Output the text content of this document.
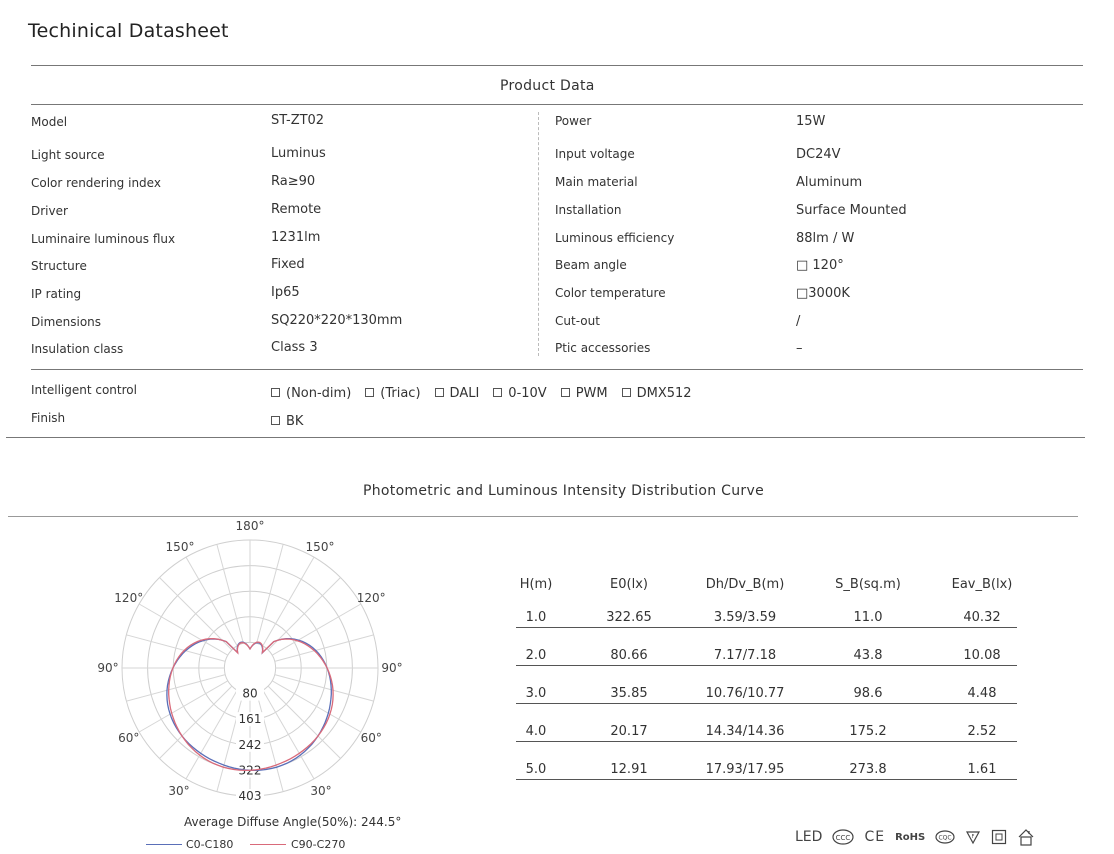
Techinical Datasheet
Product Data
Model	ST-ZT02
Light source	Luminus
Color rendering index	Ra≥90
Driver	Remote
Luminaire luminous flux	1231lm
Structure	Fixed
IP rating	Ip65
Dimensions	SQ220*220*130mm
Insulation class	Class 3
Power	15W
Input voltage	DC24V
Main material	Aluminum
Installation	Surface Mounted
Luminous efficiency	88lm / W
Beam angle	□ 120°
Color temperature	□3000K
Cut-out	/
Ptic accessories	–
Intelligent control	(Non-dim) (Triac) DALI 0-10V PWM DMX512
Finish	BK
Photometric and Luminous Intensity Distribution Curve
180°
150°	150°
120°	120°
90°	90°
60°	60°
30°	30°
80
161
242
322
403
Average Diffuse Angle(50%): 244.5°
C0-C180	C90-C270
H(m)	E0(lx)	Dh/Dv_B(m)	S_B(sq.m)	Eav_B(lx)
1.0	322.65	3.59/3.59	11.0	40.32
2.0	80.66	7.17/7.18	43.8	10.08
3.0	35.85	10.76/10.77	98.6	4.48
4.0	20.17	14.34/14.36	175.2	2.52
5.0	12.91	17.93/17.95	273.8	1.61
LED CCC CE RoHS CQC	F
